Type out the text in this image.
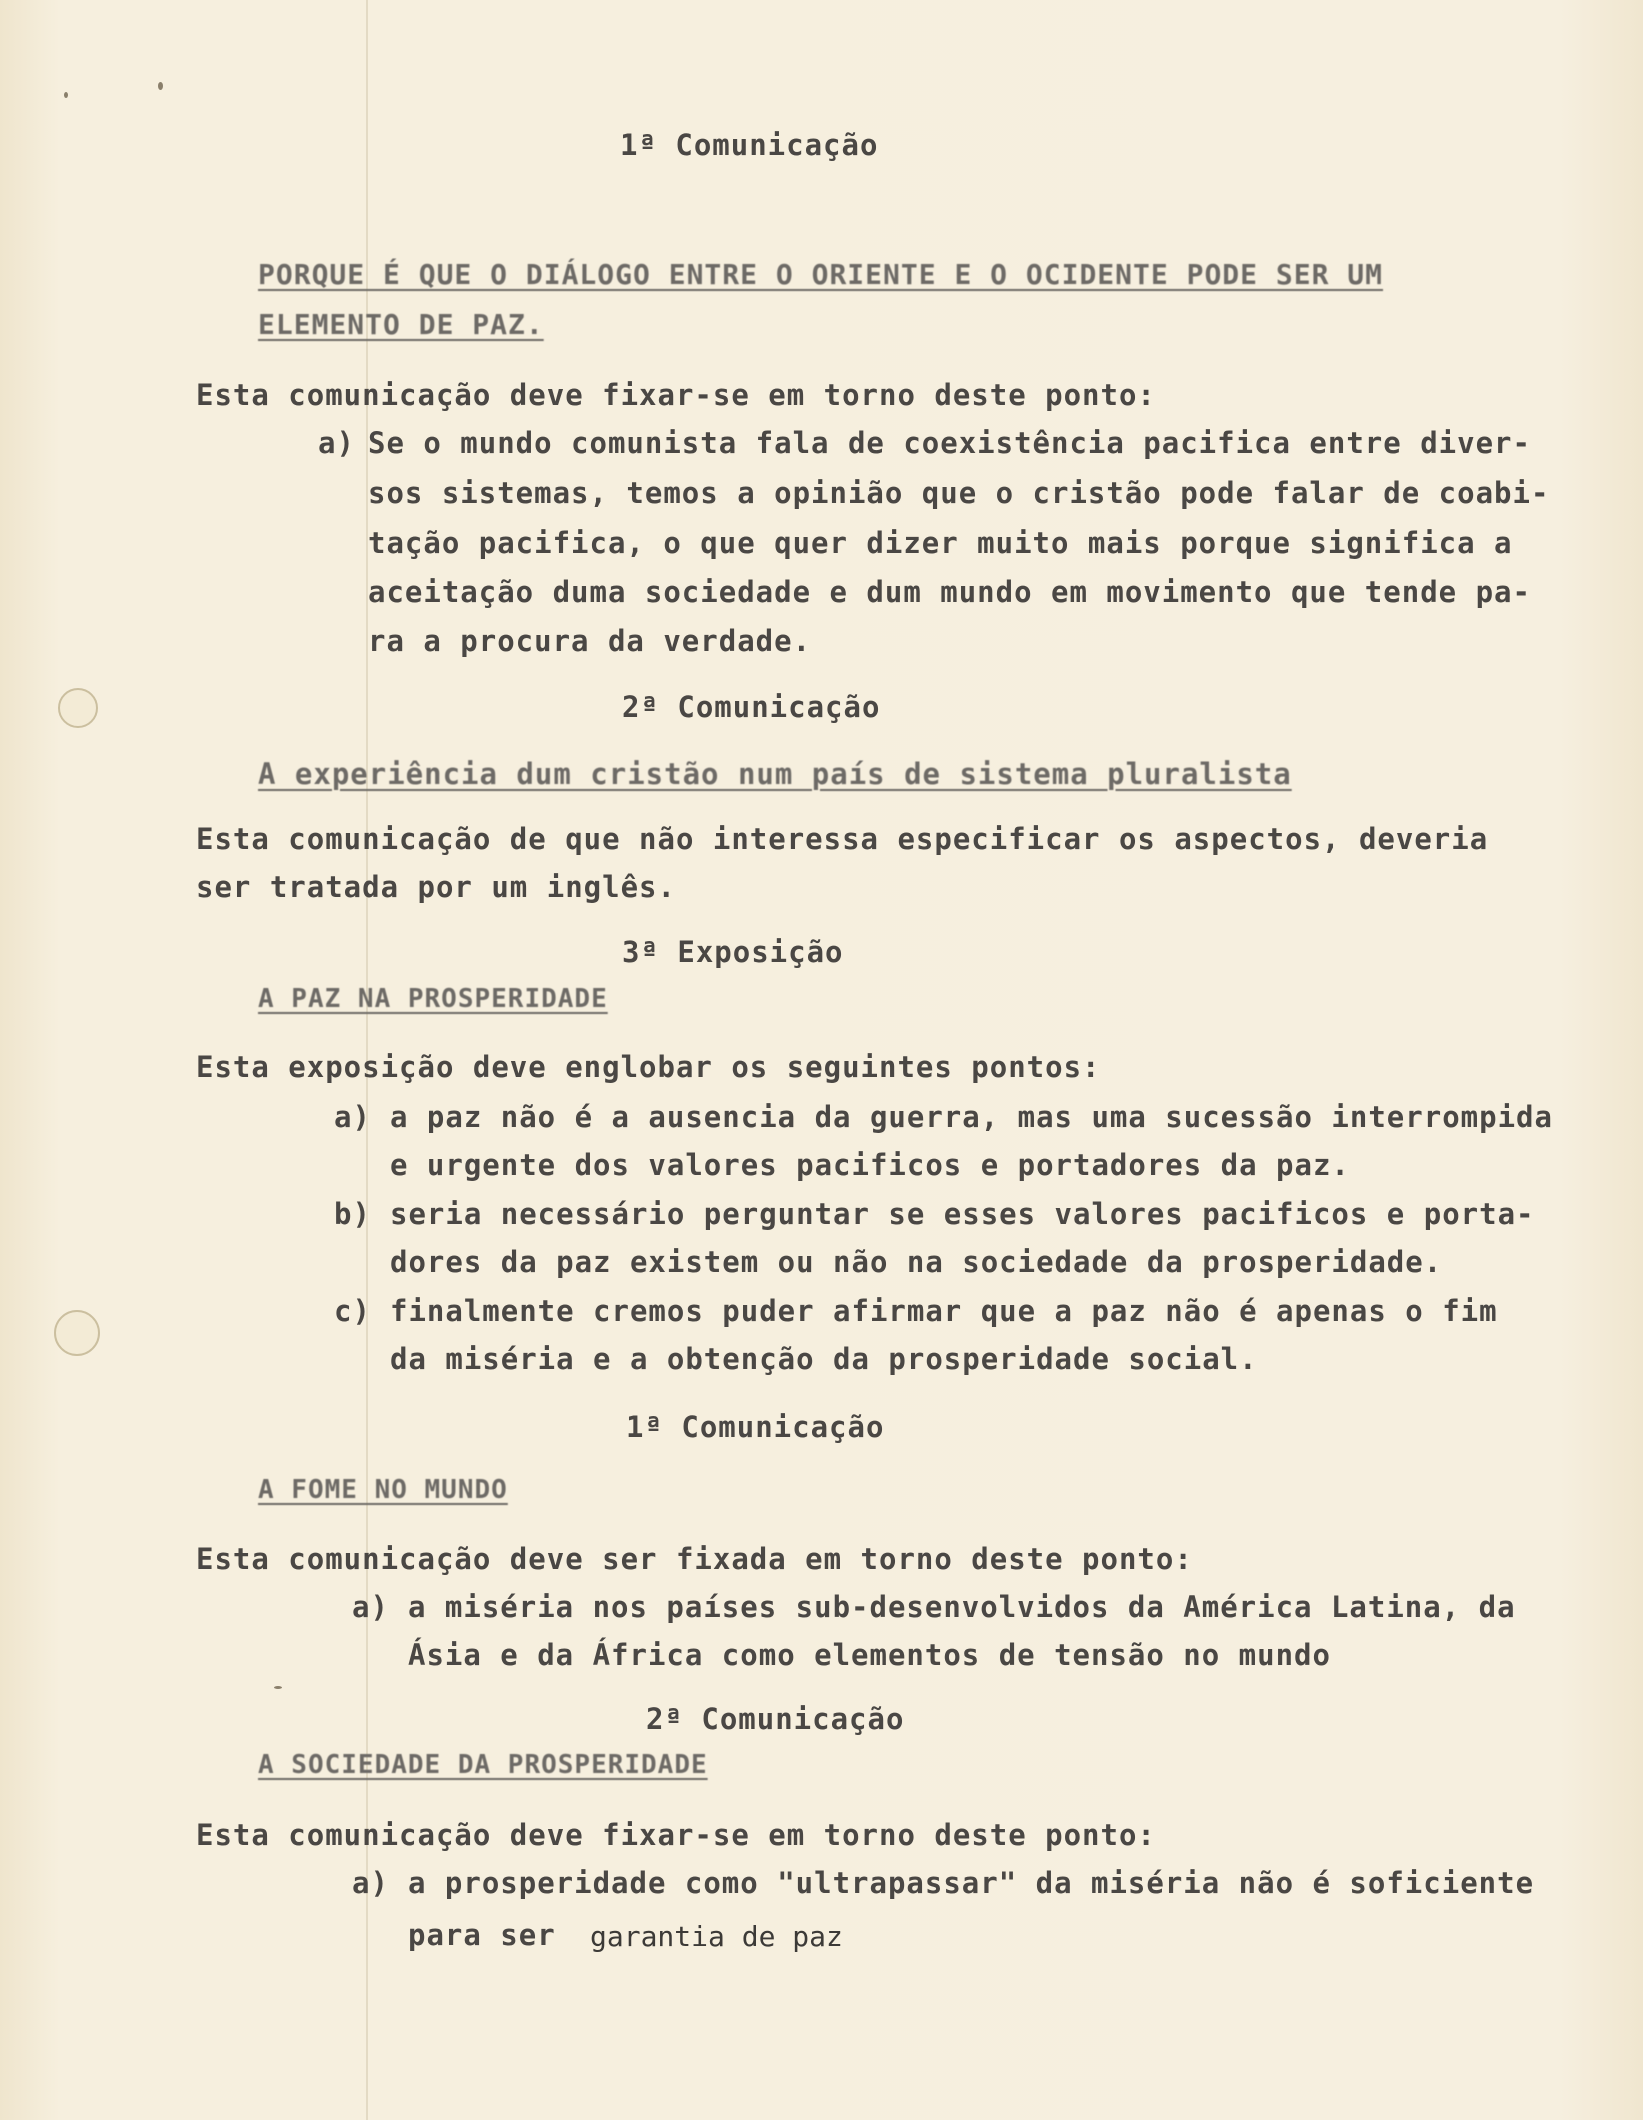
1ª Comunicação
PORQUE É QUE O DIÁLOGO ENTRE O ORIENTE E O OCIDENTE PODE SER UM
ELEMENTO DE PAZ.
Esta comunicação deve fixar-se em torno deste ponto:
a) Se o mundo comunista fala de coexistência pacifica entre diver-
sos sistemas, temos a opinião que o cristão pode falar de coabi-
tação pacifica, o que quer dizer muito mais porque significa a
aceitação duma sociedade e dum mundo em movimento que tende pa-
ra a procura da verdade.
2ª Comunicação
A experiência dum cristão num país de sistema pluralista
Esta comunicação de que não interessa especificar os aspectos, deveria
ser tratada por um inglês.
3ª Exposição
A PAZ NA PROSPERIDADE
Esta exposição deve englobar os seguintes pontos:
a) a paz não é a ausencia da guerra, mas uma sucessão interrompida
e urgente dos valores pacificos e portadores da paz.
b) seria necessário perguntar se esses valores pacificos e porta-
dores da paz existem ou não na sociedade da prosperidade.
c) finalmente cremos puder afirmar que a paz não é apenas o fim
da miséria e a obtenção da prosperidade social.
1ª Comunicação
A FOME NO MUNDO
Esta comunicação deve ser fixada em torno deste ponto:
a) a miséria nos países sub-desenvolvidos da América Latina, da
Ásia e da África como elementos de tensão no mundo
2ª Comunicação
A SOCIEDADE DA PROSPERIDADE
Esta comunicação deve fixar-se em torno deste ponto:
a) a prosperidade como "ultrapassar" da miséria não é soficiente
para ser garantia de paz
